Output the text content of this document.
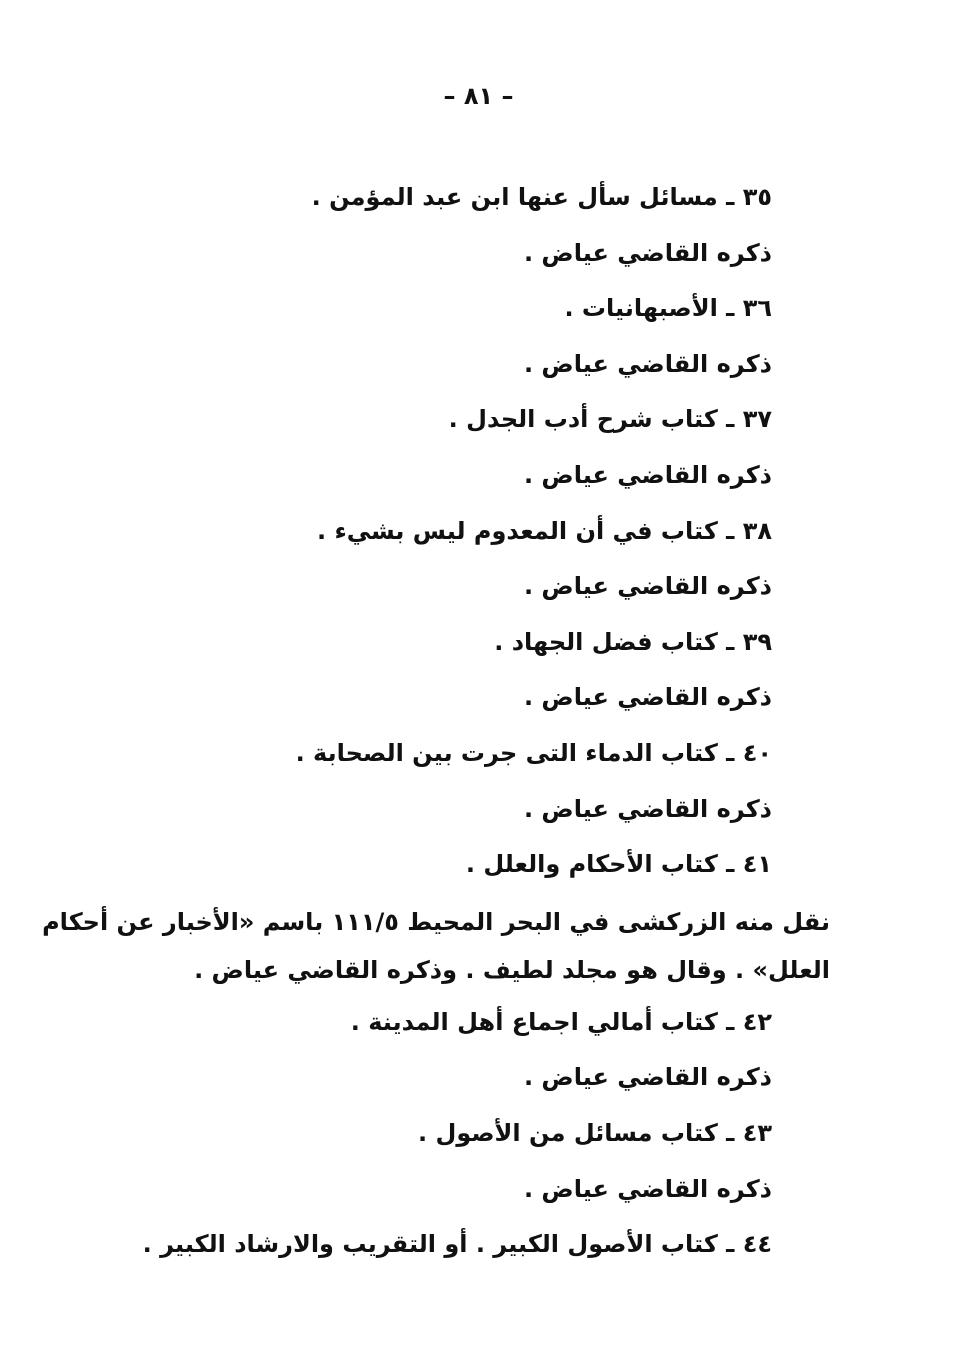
– ٨١ –
٣٥ ـ مسائل سأل عنها ابن عبد المؤمن .
ذكره القاضي عياض .
٣٦ ـ الأصبهانيات .
ذكره القاضي عياض .
٣٧ ـ كتاب شرح أدب الجدل .
ذكره القاضي عياض .
٣٨ ـ كتاب في أن المعدوم ليس بشيء .
ذكره القاضي عياض .
٣٩ ـ كتاب فضل الجهاد .
ذكره القاضي عياض .
٤٠ ـ كتاب الدماء التى جرت بين الصحابة .
ذكره القاضي عياض .
٤١ ـ كتاب الأحكام والعلل .
نقل منه الزركشى في البحر المحيط ١١١/٥ باسم «الأخبار عن أحكام
العلل» . وقال هو مجلد لطيف . وذكره القاضي عياض .
٤٢ ـ كتاب أمالي اجماع أهل المدينة .
ذكره القاضي عياض .
٤٣ ـ كتاب مسائل من الأصول .
ذكره القاضي عياض .
٤٤ ـ كتاب الأصول الكبير . أو التقريب والارشاد الكبير .
